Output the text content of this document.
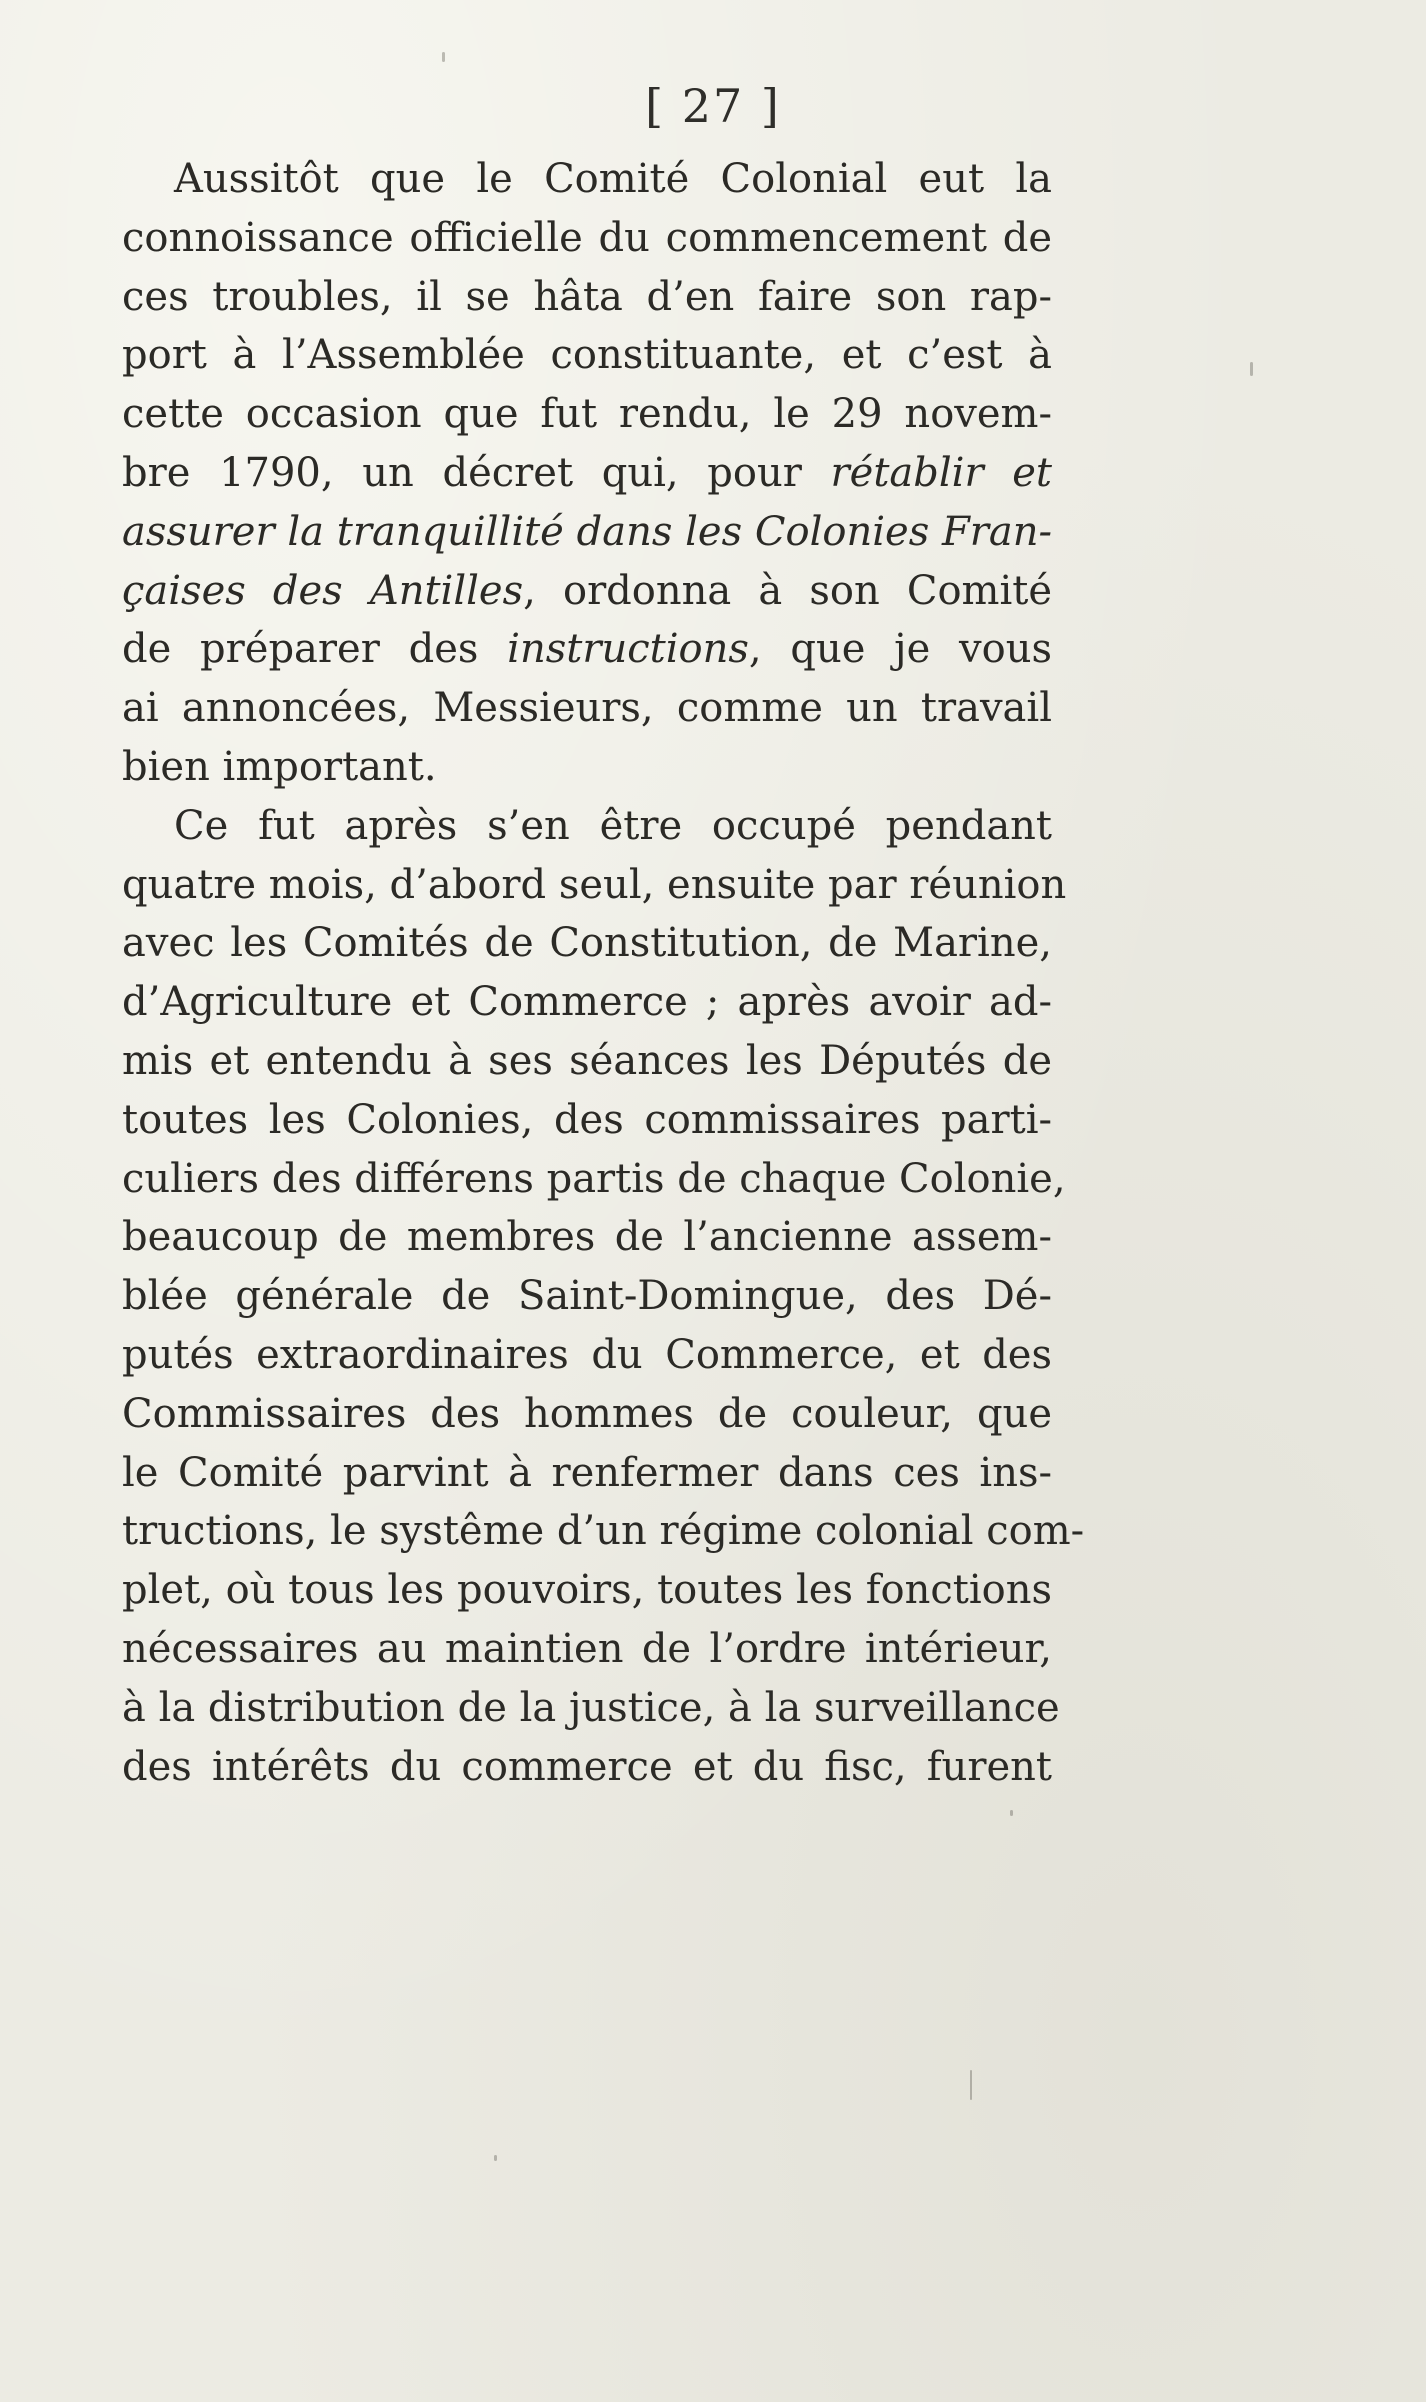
[ 27 ]
Aussitôt que le Comité Colonial eut la
connoissance officielle du commencement de
ces troubles, il se hâta d’en faire son rap-
port à l’Assemblée constituante, et c’est à
cette occasion que fut rendu, le 29 novem-
bre 1790, un décret qui, pour rétablir et
assurer la tranquillité dans les Colonies Fran-
çaises des Antilles, ordonna à son Comité
de préparer des instructions, que je vous
ai annoncées, Messieurs, comme un travail
bien important.
Ce fut après s’en être occupé pendant
quatre mois, d’abord seul, ensuite par réunion
avec les Comités de Constitution, de Marine,
d’Agriculture et Commerce ; après avoir ad-
mis et entendu à ses séances les Députés de
toutes les Colonies, des commissaires parti-
culiers des différens partis de chaque Colonie,
beaucoup de membres de l’ancienne assem-
blée générale de Saint-Domingue, des Dé-
putés extraordinaires du Commerce, et des
Commissaires des hommes de couleur, que
le Comité parvint à renfermer dans ces ins-
tructions, le systême d’un régime colonial com-
plet, où tous les pouvoirs, toutes les fonctions
nécessaires au maintien de l’ordre intérieur,
à la distribution de la justice, à la surveillance
des intérêts du commerce et du fisc, furent
